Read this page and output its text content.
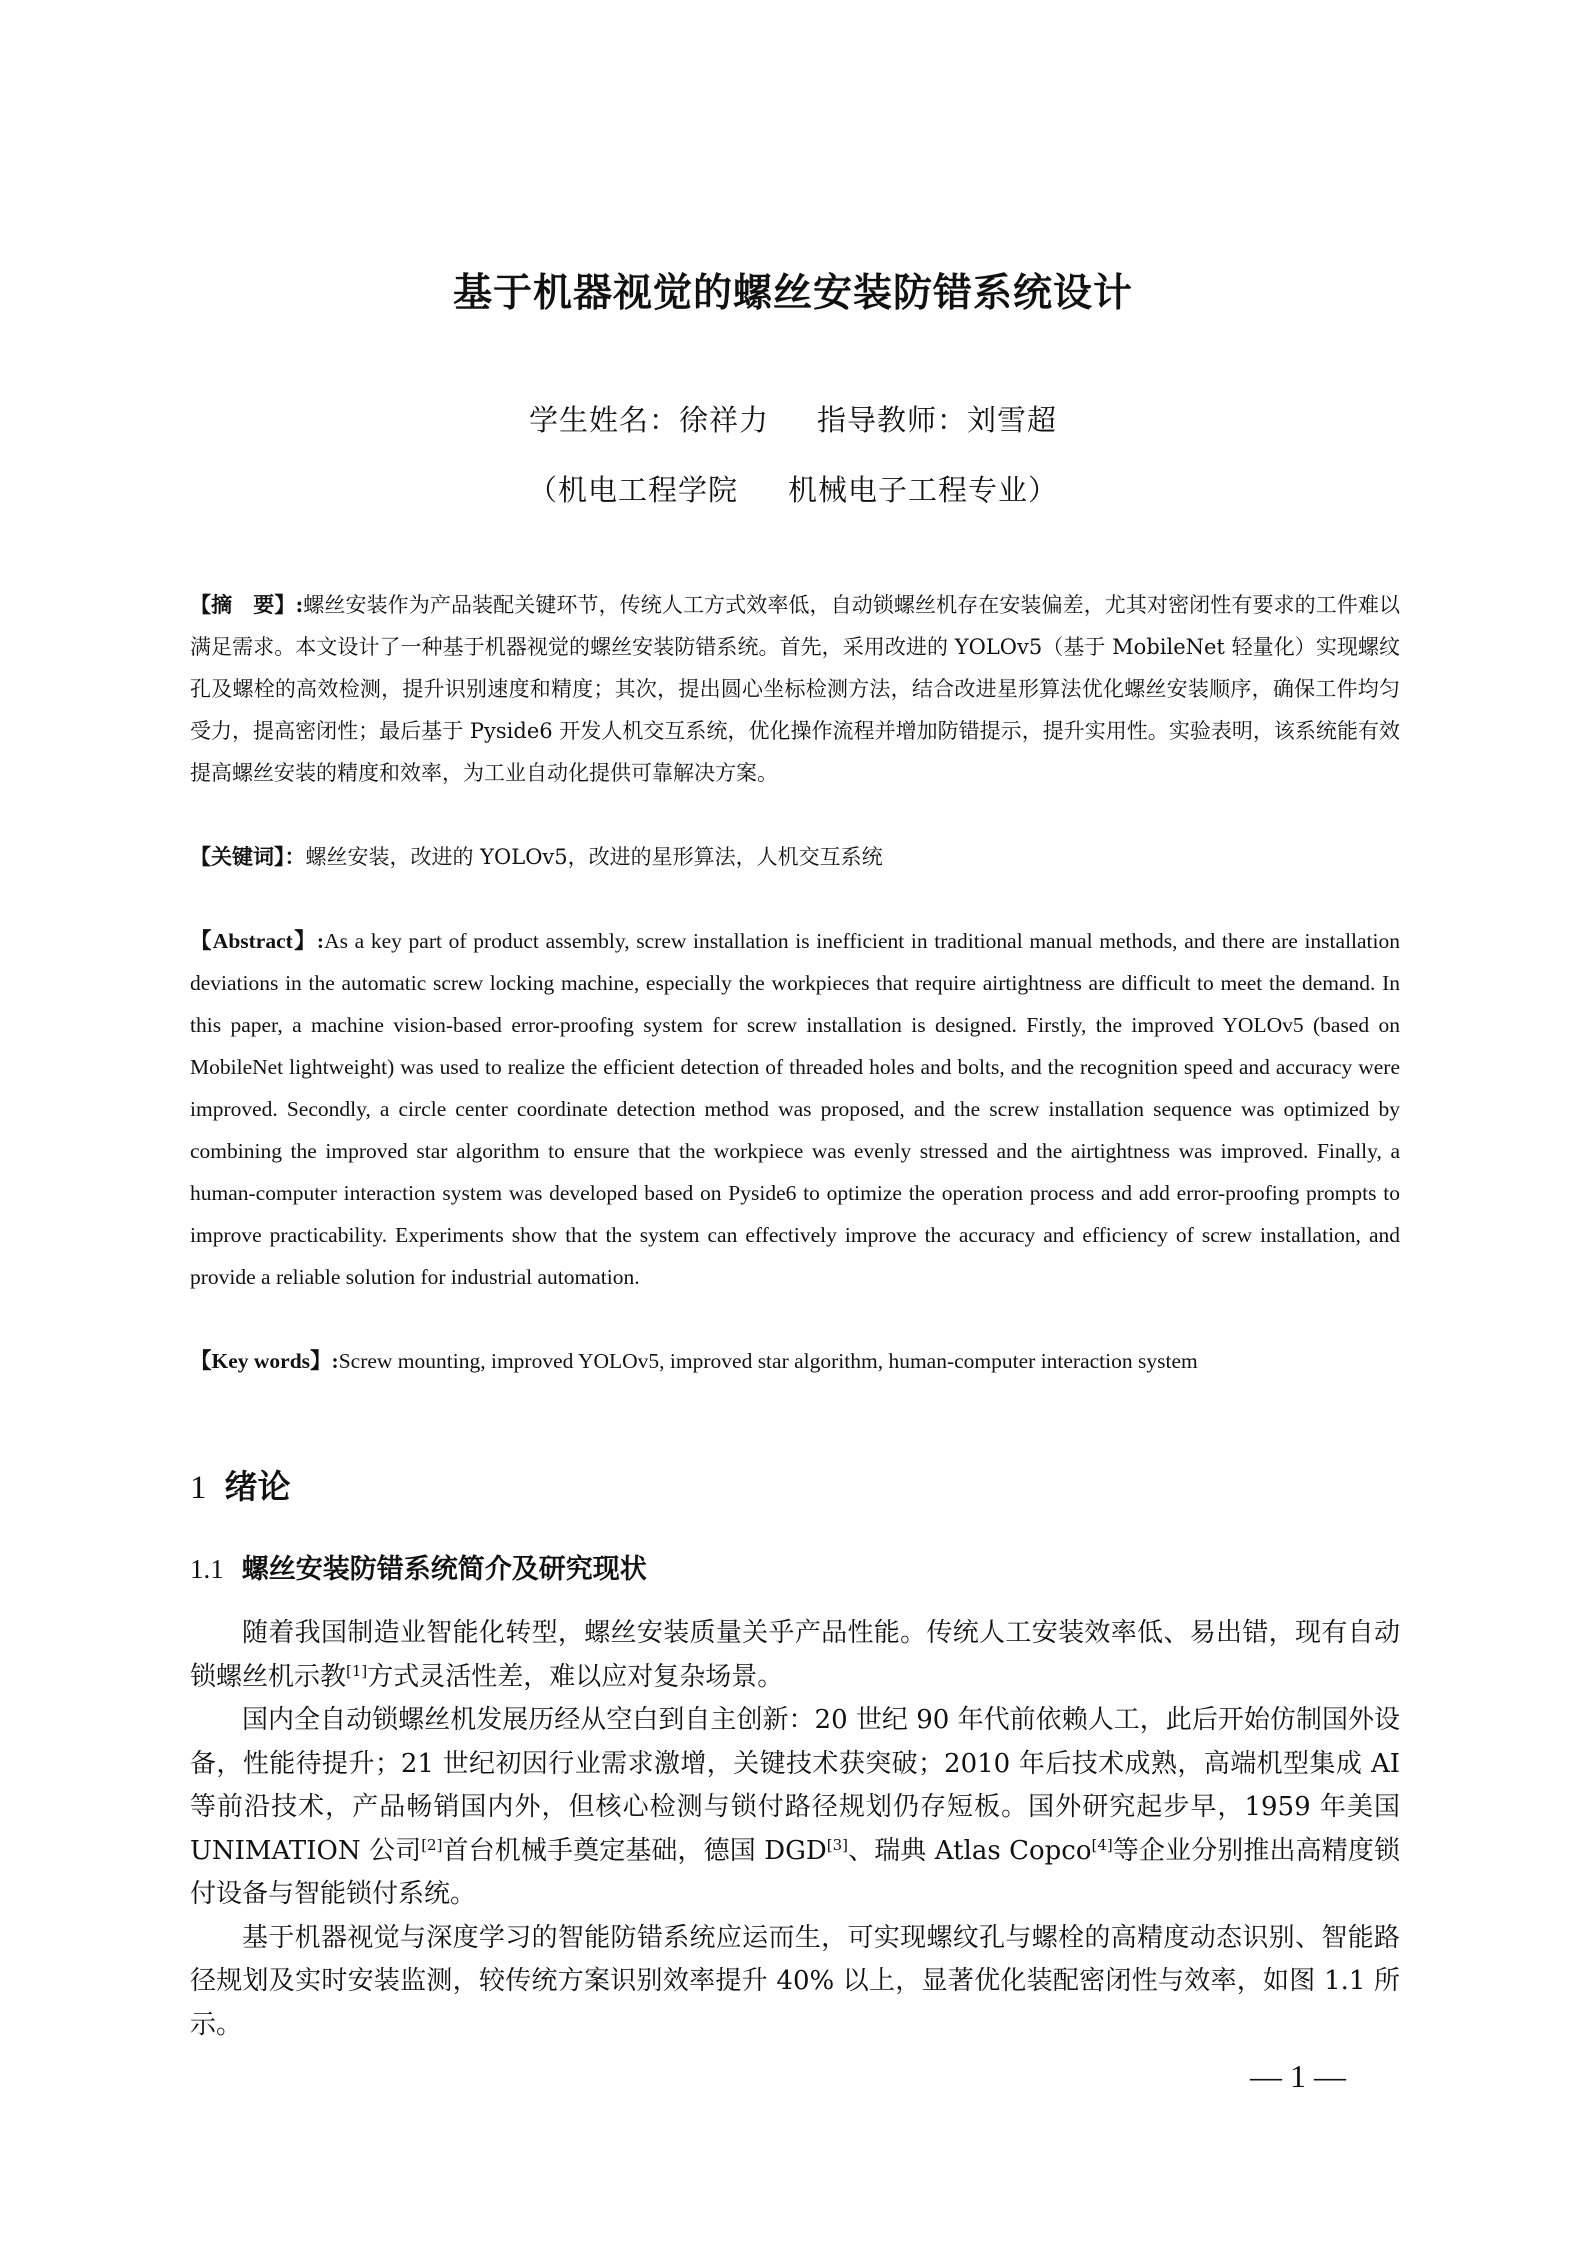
基于机器视觉的螺丝安装防错系统设计
学生姓名：徐祥力 指导教师：刘雪超
（机电工程学院 机械电子工程专业）
【摘　要】:螺丝安装作为产品装配关键环节，传统人工方式效率低，自动锁螺丝机存在安装偏差，尤其对密闭性有要求的工件难以满足需求。本文设计了一种基于机器视觉的螺丝安装防错系统。首先，采用改进的 YOLOv5（基于 MobileNet 轻量化）实现螺纹孔及螺栓的高效检测，提升识别速度和精度；其次，提出圆心坐标检测方法，结合改进星形算法优化螺丝安装顺序，确保工件均匀受力，提高密闭性；最后基于 Pyside6 开发人机交互系统，优化操作流程并增加防错提示，提升实用性。实验表明，该系统能有效提高螺丝安装的精度和效率，为工业自动化提供可靠解决方案。
【关键词】：螺丝安装，改进的 YOLOv5，改进的星形算法，人机交互系统
【Abstract】:As a key part of product assembly, screw installation is inefficient in traditional manual methods, and there are installation deviations in the automatic screw locking machine, especially the workpieces that require airtightness are difficult to meet the demand. In this paper, a machine vision-based error-proofing system for screw installation is designed. Firstly, the improved YOLOv5 (based on MobileNet lightweight) was used to realize the efficient detection of threaded holes and bolts, and the recognition speed and accuracy were improved. Secondly, a circle center coordinate detection method was proposed, and the screw installation sequence was optimized by combining the improved star algorithm to ensure that the workpiece was evenly stressed and the airtightness was improved. Finally, a human-computer interaction system was developed based on Pyside6 to optimize the operation process and add error-proofing prompts to improve practicability. Experiments show that the system can effectively improve the accuracy and efficiency of screw installation, and provide a reliable solution for industrial automation.
【Key words】:Screw mounting, improved YOLOv5, improved star algorithm, human-computer interaction system
1 绪论
1.1 螺丝安装防错系统简介及研究现状

随着我国制造业智能化转型，螺丝安装质量关乎产品性能。传统人工安装效率低、易出错，现有自动锁螺丝机示教[1]方式灵活性差，难以应对复杂场景。

国内全自动锁螺丝机发展历经从空白到自主创新：20 世纪 90 年代前依赖人工，此后开始仿制国外设备，性能待提升；21 世纪初因行业需求激增，关键技术获突破；2010 年后技术成熟，高端机型集成 AI 等前沿技术，产品畅销国内外，但核心检测与锁付路径规划仍存短板。国外研究起步早，1959 年美国 UNIMATION 公司[2]首台机械手奠定基础，德国 DGD[3]、瑞典 Atlas Copco[4]等企业分别推出高精度锁付设备与智能锁付系统。

基于机器视觉与深度学习的智能防错系统应运而生，可实现螺纹孔与螺栓的高精度动态识别、智能路径规划及实时安装监测，较传统方案识别效率提升 40% 以上，显著优化装配密闭性与效率，如图 1.1 所示。

— 1 —
